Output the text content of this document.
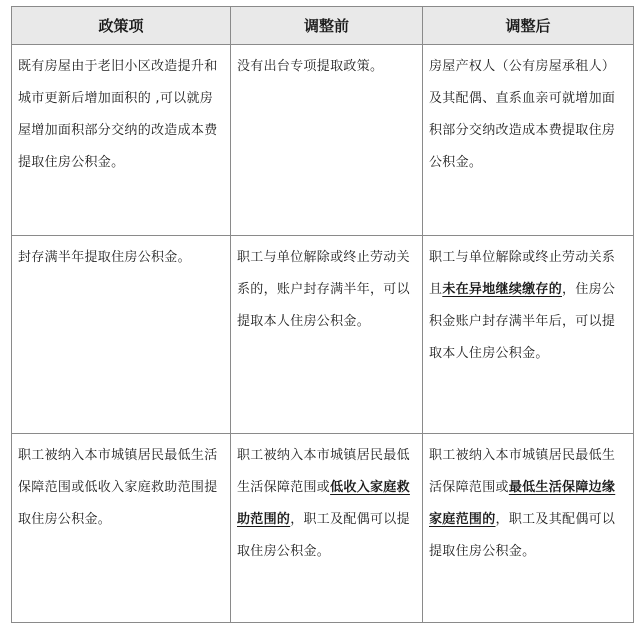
政策项	调整前	调整后
既有房屋由于老旧小区改造提升和城市更新后增加面积的 ,可以就房屋增加面积部分交纳的改造成本费提取住房公积金。	没有出台专项提取政策。	房屋产权人（公有房屋承租人）及其配偶、直系血亲可就增加面积部分交纳改造成本费提取住房公积金。
封存满半年提取住房公积金。	职工与单位解除或终止劳动关系的，账户封存满半年，可以提取本人住房公积金。	职工与单位解除或终止劳动关系且未在异地继续缴存的，住房公积金账户封存满半年后，可以提取本人住房公积金。
职工被纳入本市城镇居民最低生活保障范围或低收入家庭救助范围提取住房公积金。	职工被纳入本市城镇居民最低生活保障范围或低收入家庭救助范围的，职工及配偶可以提取住房公积金。	职工被纳入本市城镇居民最低生活保障范围或最低生活保障边缘家庭范围的，职工及其配偶可以提取住房公积金。
